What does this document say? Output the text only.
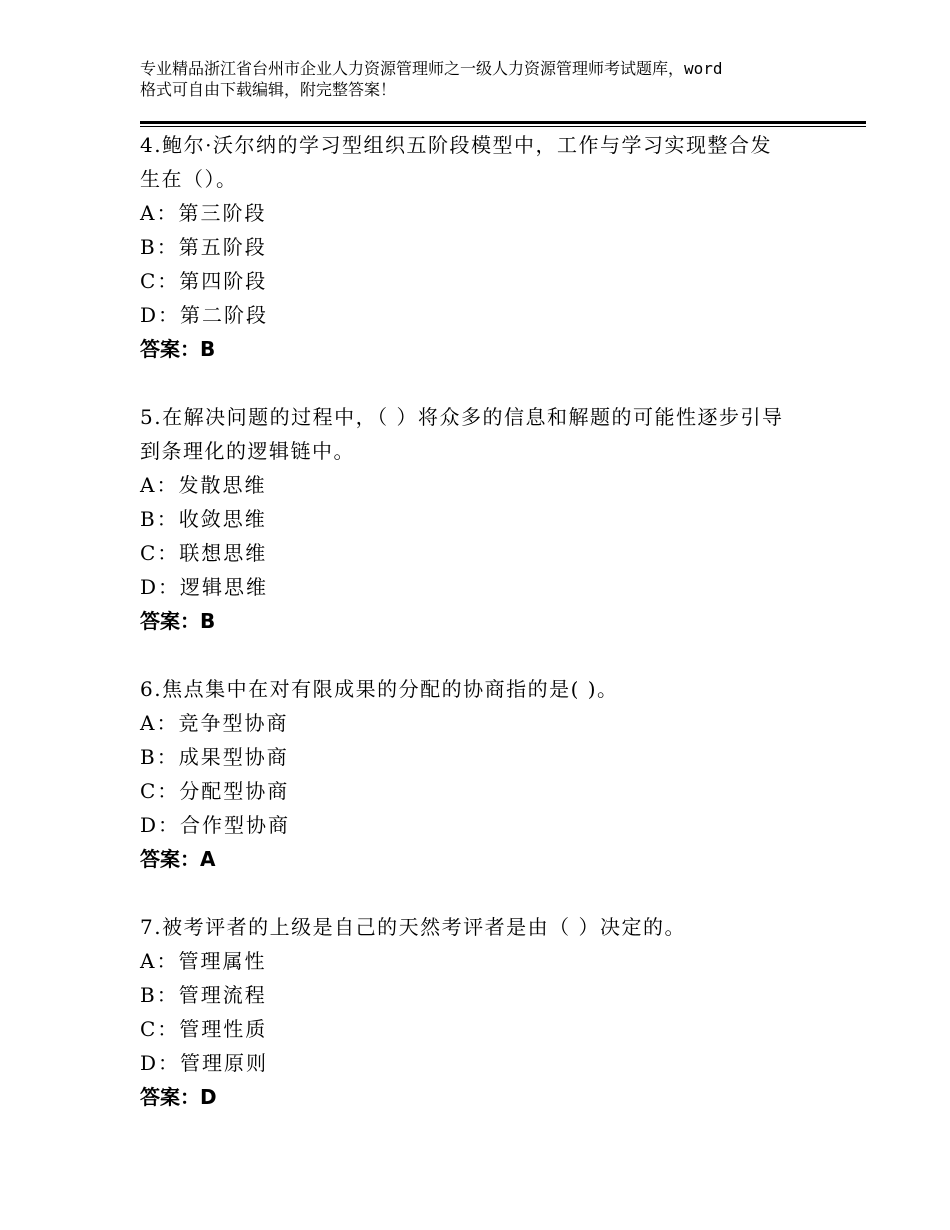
专业精品浙江省台州市企业人力资源管理师之一级人力资源管理师考试题库，word
格式可自由下载编辑，附完整答案！
4.鲍尔·沃尔纳的学习型组织五阶段模型中，工作与学习实现整合发
生在（）。
A：第三阶段
B：第五阶段
C：第四阶段
D：第二阶段
答案：B
5.在解决问题的过程中，（ ）将众多的信息和解题的可能性逐步引导
到条理化的逻辑链中。
A：发散思维
B：收敛思维
C：联想思维
D：逻辑思维
答案：B
6.焦点集中在对有限成果的分配的协商指的是( )。
A：竞争型协商
B：成果型协商
C：分配型协商
D：合作型协商
答案：A
7.被考评者的上级是自己的天然考评者是由（ ）决定的。
A：管理属性
B：管理流程
C：管理性质
D：管理原则
答案：D
